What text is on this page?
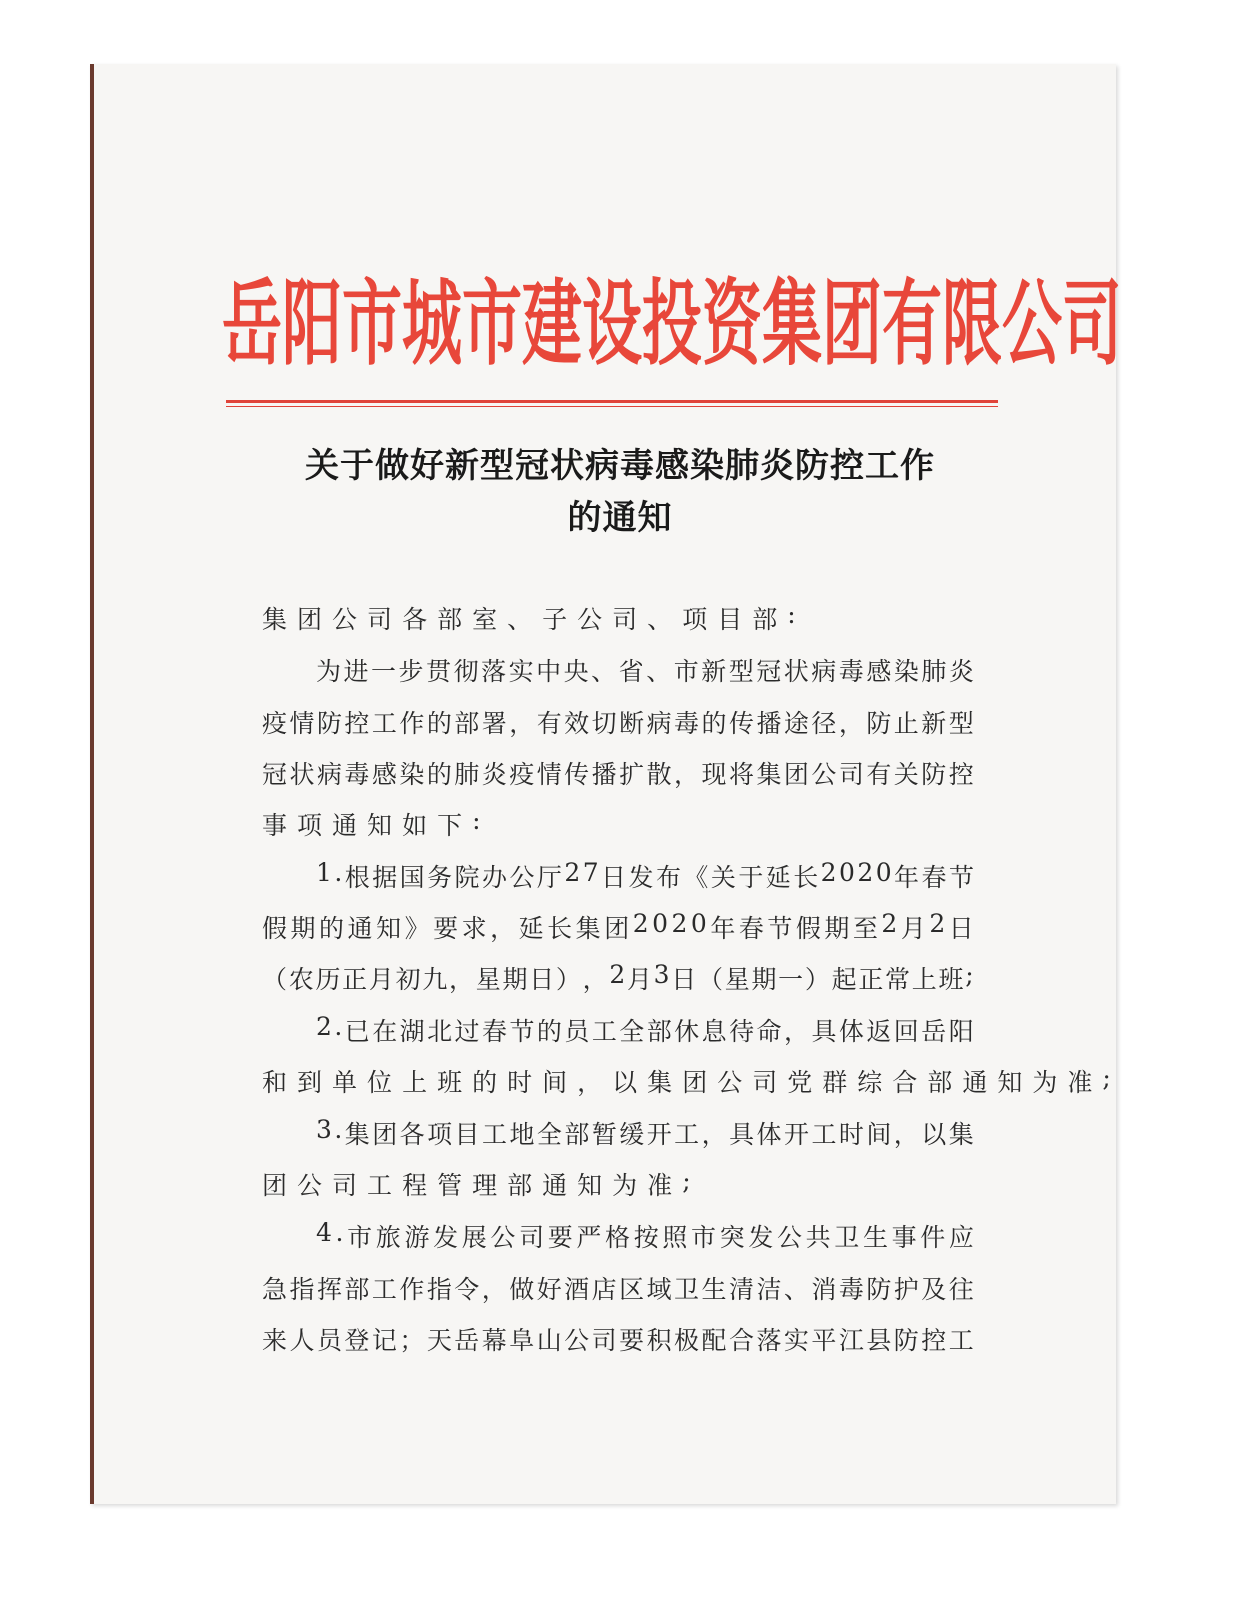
岳 阳 市 城 市 建 设 投 资 集 团 有 限 公 司
关于做好新型冠状病毒感染肺炎防控工作
的通知
集 团 公 司 各 部 室 、 子 公 司 、 项 目 部 :
为 进 一 步 贯 彻 落 实 中 央 、 省 、 市 新 型 冠 状 病 毒 感 染 肺 炎
疫 情 防 控 工 作 的 部 署 ， 有 效 切 断 病 毒 的 传 播 途 径 ， 防 止 新 型
冠 状 病 毒 感 染 的 肺 炎 疫 情 传 播 扩 散 ， 现 将 集 团 公 司 有 关 防 控
事 项 通 知 如 下 :
1 . 根 据 国 务 院 办 公 厅 2 7 日 发 布 《 关 于 延 长 2 0 2 0 年 春 节
假 期 的 通 知 》 要 求 ， 延 长 集 团 2 0 2 0 年 春 节 假 期 至 2 月 2 日
（ 农 历 正 月 初 九 ， 星 期 日 ） ， 2 月 3 日 （ 星 期 一 ） 起 正 常 上 班 ;
2 . 已 在 湖 北 过 春 节 的 员 工 全 部 休 息 待 命 ， 具 体 返 回 岳 阳
和 到 单 位 上 班 的 时 间 ， 以 集 团 公 司 党 群 综 合 部 通 知 为 准 ;
3 . 集 团 各 项 目 工 地 全 部 暂 缓 开 工 ， 具 体 开 工 时 间 ， 以 集
团 公 司 工 程 管 理 部 通 知 为 准 ;
4 . 市 旅 游 发 展 公 司 要 严 格 按 照 市 突 发 公 共 卫 生 事 件 应
急 指 挥 部 工 作 指 令 ， 做 好 酒 店 区 域 卫 生 清 洁 、 消 毒 防 护 及 往
来 人 员 登 记 ； 天 岳 幕 阜 山 公 司 要 积 极 配 合 落 实 平 江 县 防 控 工
